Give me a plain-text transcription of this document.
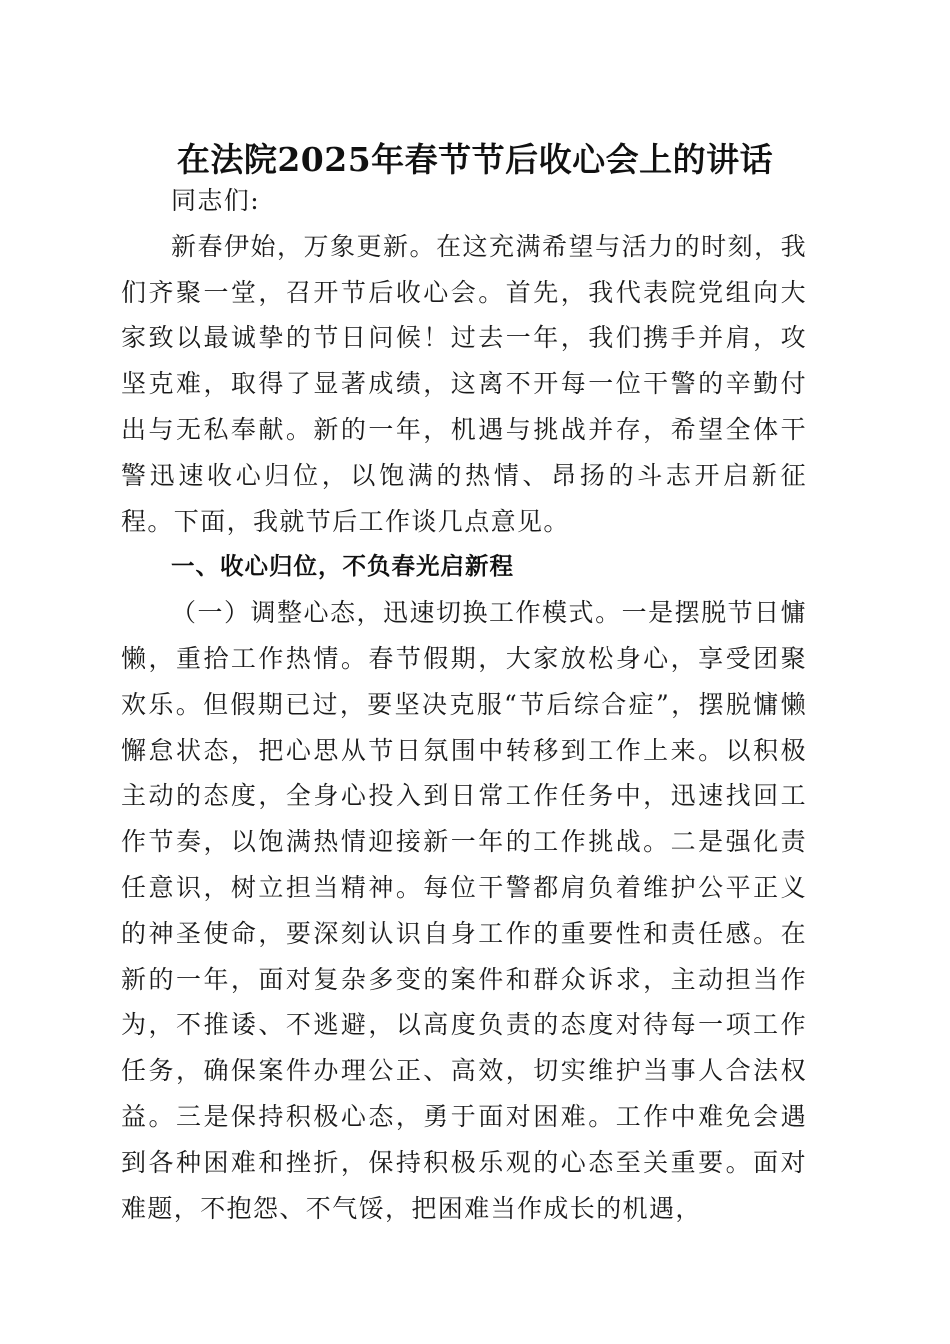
在法院2025年春节节后收心会上的讲话

同志们:

新春伊始，万象更新。在这充满希望与活力的时刻，我们齐聚一堂，召开节后收心会。首先，我代表院党组向大家致以最诚挚的节日问候！过去一年，我们携手并肩，攻坚克难，取得了显著成绩，这离不开每一位干警的辛勤付出与无私奉献。新的一年，机遇与挑战并存，希望全体干警迅速收心归位，以饱满的热情、昂扬的斗志开启新征程。下面，我就节后工作谈几点意见。

一、收心归位，不负春光启新程

（一）调整心态，迅速切换工作模式。一是摆脱节日慵懒，重拾工作热情。春节假期，大家放松身心，享受团聚欢乐。但假期已过，要坚决克服“节后综合症”，摆脱慵懒懈怠状态，把心思从节日氛围中转移到工作上来。以积极主动的态度，全身心投入到日常工作任务中，迅速找回工作节奏，以饱满热情迎接新一年的工作挑战。二是强化责任意识，树立担当精神。每位干警都肩负着维护公平正义的神圣使命，要深刻认识自身工作的重要性和责任感。在新的一年，面对复杂多变的案件和群众诉求，主动担当作为，不推诿、不逃避，以高度负责的态度对待每一项工作任务，确保案件办理公正、高效，切实维护当事人合法权益。三是保持积极心态，勇于面对困难。工作中难免会遇到各种困难和挫折，保持积极乐观的心态至关重要。面对难题，不抱怨、不气馁，把困难当作成长的机遇，
